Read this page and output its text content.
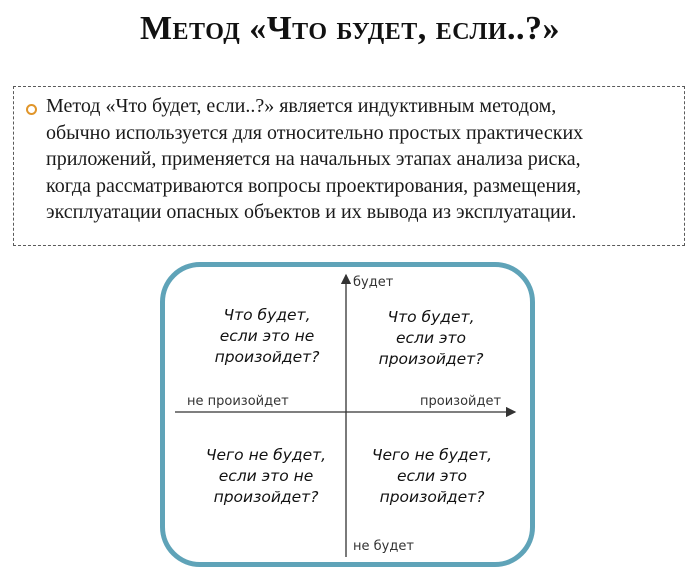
Метод «Что будет, если..?»
Метод «Что будет, если..?» является индуктивным методом,
обычно используется для относительно простых практических
приложений, применяется на начальных этапах анализа риска,
когда рассматриваются вопросы проектирования, размещения,
эксплуатации опасных объектов и их вывода из эксплуатации.
будет
не будет
не произойдет	произойдет
Что будет,
если это не
произойдет?
Что будет,
если это
произойдет?
Чего не будет,
если это не
произойдет?
Чего не будет,
если это
произойдет?
